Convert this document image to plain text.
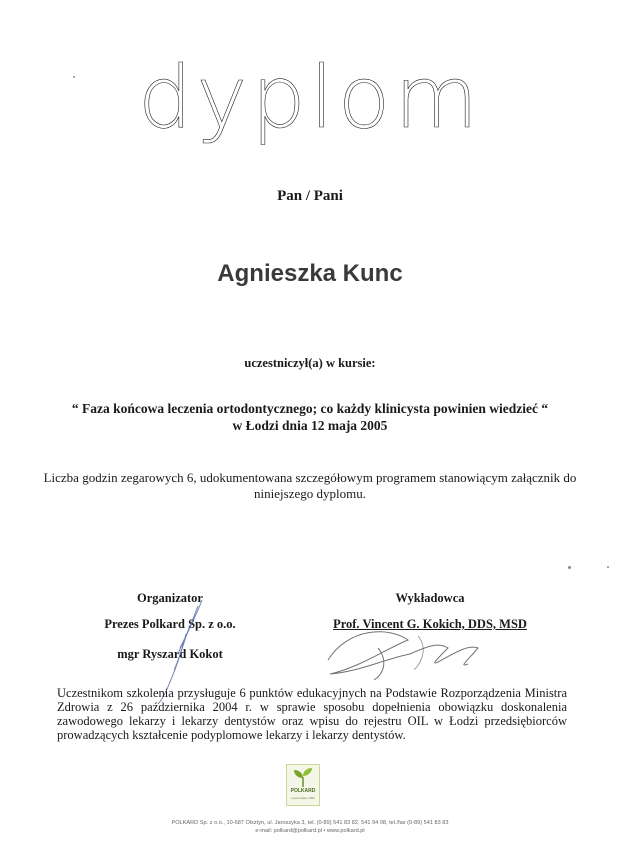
dyplom
Pan / Pani
Agnieszka Kunc
uczestniczył(a) w kursie:
“ Faza końcowa leczenia ortodontycznego; co każdy klinicysta powinien wiedzieć “
w Łodzi dnia 12 maja 2005
Liczba godzin zegarowych 6, udokumentowana szczegółowym programem stanowiącym załącznik do niniejszego dyplomu.
Organizator
Prezes Polkard Sp. z o.o.
mgr Ryszard Kokot
Wykładowca
Prof. Vincent G. Kokich, DDS, MSD
Uczestnikom szkolenia przysługuje 6 punktów edukacyjnych na Podstawie Rozporządzenia Ministra Zdrowia z 26 października 2004 r. w sprawie sposobu dopełnienia obowiązku doskonalenia zawodowego lekarzy i lekarzy dentystów oraz wpisu do rejestru OIL w Łodzi przedsiębiorców prowadzących kształcenie podyplomowe lekarzy i lekarzy dentystów.
POLKARD
od początku 1994
POLKARD Sp. z o.o., 10-687 Olsztyn, ul. Jaroszyka 3, tel. (0-89) 541 83 82, 541 94 08, tel./fax (0-89) 541 83 83
e-mail: polkard@polkard.pl • www.polkard.pl
